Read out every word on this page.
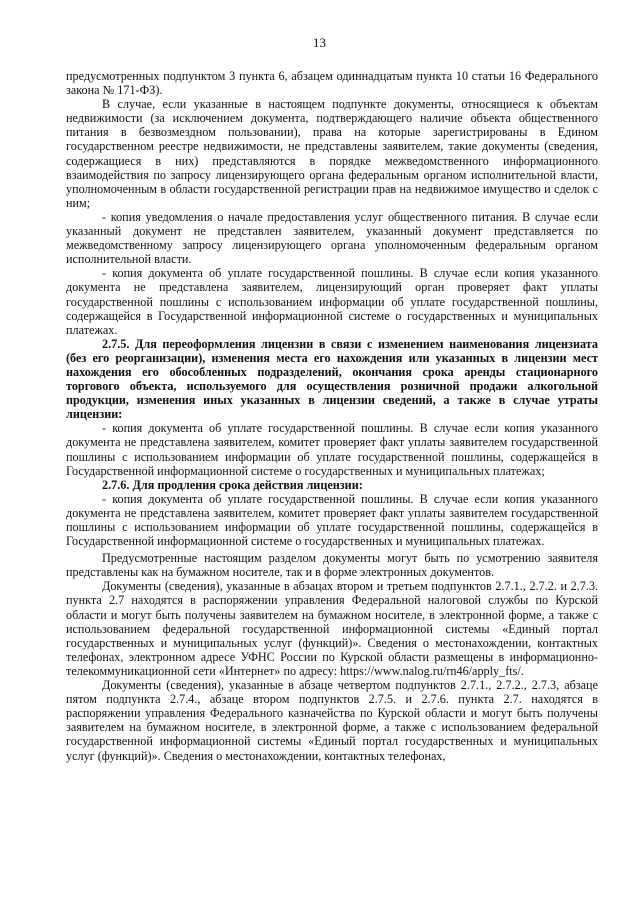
13

предусмотренных подпунктом 3 пункта 6, абзацем одиннадцатым пункта 10 статьи 16 Федерального закона № 171-ФЗ).

В случае, если указанные в настоящем подпункте документы, относящиеся к объектам недвижимости (за исключением документа, подтверждающего наличие объекта общественного питания в безвозмездном пользовании), права на которые зарегистрированы в Едином государственном реестре недвижимости, не представлены заявителем, такие документы (сведения, содержащиеся в них) представляются в порядке межведомственного информационного взаимодействия по запросу лицензирующего органа федеральным органом исполнительной власти, уполномоченным в области государственной регистрации прав на недвижимое имущество и сделок с ним;

- копия уведомления о начале предоставления услуг общественного питания. В случае если указанный документ не представлен заявителем, указанный документ представляется по межведомственному запросу лицензирующего органа уполномоченным федеральным органом исполнительной власти.

- копия документа об уплате государственной пошлины. В случае если копия указанного документа не представлена заявителем, лицензирующий орган проверяет факт уплаты государственной пошлины с использованием информации об уплате государственной пошлины, содержащейся в Государственной информационной системе о государственных и муниципальных платежах.

2.7.5. Для переоформления лицензии в связи с изменением наименования лицензиата (без его реорганизации), изменения места его нахождения или указанных в лицензии мест нахождения его обособленных подразделений, окончания срока аренды стационарного торгового объекта, используемого для осуществления розничной продажи алкогольной продукции, изменения иных указанных в лицензии сведений, а также в случае утраты лицензии:

- копия документа об уплате государственной пошлины. В случае если копия указанного документа не представлена заявителем, комитет проверяет факт уплаты заявителем государственной пошлины с использованием информации об уплате государственной пошлины, содержащейся в Государственной информационной системе о государственных и муниципальных платежах;

2.7.6. Для продления срока действия лицензии:

- копия документа об уплате государственной пошлины. В случае если копия указанного документа не представлена заявителем, комитет проверяет факт уплаты заявителем государственной пошлины с использованием информации об уплате государственной пошлины, содержащейся в Государственной информационной системе о государственных и муниципальных платежах.

Предусмотренные настоящим разделом документы могут быть по усмотрению заявителя представлены как на бумажном носителе, так и в форме электронных документов.

Документы (сведения), указанные в абзацах втором и третьем подпунктов 2.7.1., 2.7.2. и 2.7.3. пункта 2.7 находятся в распоряжении управления Федеральной налоговой службы по Курской области и могут быть получены заявителем на бумажном носителе, в электронной форме, а также с использованием федеральной государственной информационной системы «Единый портал государственных и муниципальных услуг (функций)». Сведения о местонахождении, контактных телефонах, электронном адресе УФНС России по Курской области размещены в информационно-телекоммуникационной сети «Интернет» по адресу: https://www.nalog.ru/rn46/apply_fts/.

Документы (сведения), указанные в абзаце четвертом подпунктов 2.7.1., 2.7.2., 2.7.3, абзаце пятом подпункта 2.7.4., абзаце втором подпунктов 2.7.5. и 2.7.6. пункта 2.7. находятся в распоряжении управления Федерального казначейства по Курской области и могут быть получены заявителем на бумажном носителе, в электронной форме, а также с использованием федеральной государственной информационной системы «Единый портал государственных и муниципальных услуг (функций)». Сведения о местонахождении, контактных телефонах,
